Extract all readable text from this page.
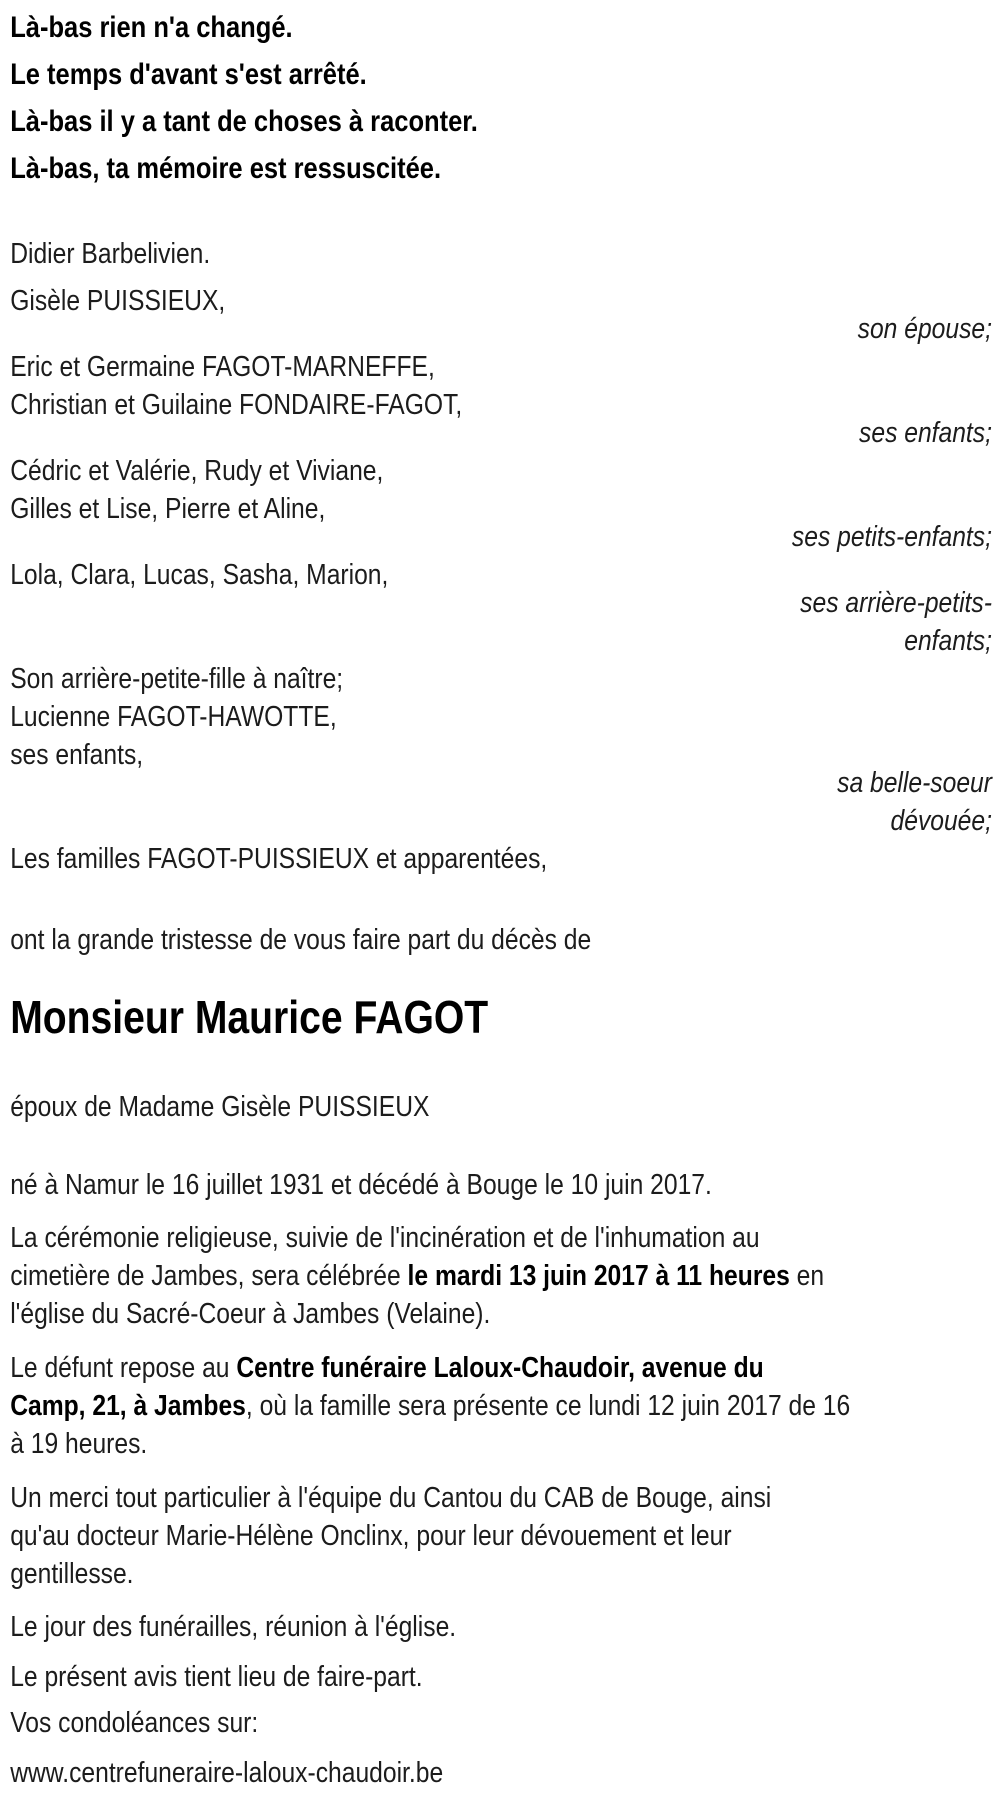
Là-bas rien n'a changé.

Le temps d'avant s'est arrêté.

Là-bas il y a tant de choses à raconter.

Là-bas, ta mémoire est ressuscitée.

Didier Barbelivien.

Gisèle PUISSIEUX,

son épouse;

Eric et Germaine FAGOT-MARNEFFE,

Christian et Guilaine FONDAIRE-FAGOT,

ses enfants;

Cédric et Valérie, Rudy et Viviane,

Gilles et Lise, Pierre et Aline,

ses petits-enfants;

Lola, Clara, Lucas, Sasha, Marion,

ses arrière-petits-
enfants;

Son arrière-petite-fille à naître;

Lucienne FAGOT-HAWOTTE,

ses enfants,

sa belle-soeur
dévouée;

Les familles FAGOT-PUISSIEUX et apparentées,

ont la grande tristesse de vous faire part du décès de

Monsieur Maurice FAGOT

époux de Madame Gisèle PUISSIEUX

né à Namur le 16 juillet 1931 et décédé à Bouge le 10 juin 2017.

La cérémonie religieuse, suivie de l'incinération et de l'inhumation au

cimetière de Jambes, sera célébrée le mardi 13 juin 2017 à 11 heures en

l'église du Sacré-Coeur à Jambes (Velaine).

Le défunt repose au Centre funéraire Laloux-Chaudoir, avenue du

Camp, 21, à Jambes, où la famille sera présente ce lundi 12 juin 2017 de 16

à 19 heures.

Un merci tout particulier à l'équipe du Cantou du CAB de Bouge, ainsi

qu'au docteur Marie-Hélène Onclinx, pour leur dévouement et leur

gentillesse.

Le jour des funérailles, réunion à l'église.

Le présent avis tient lieu de faire-part.

Vos condoléances sur:

www.centrefuneraire-laloux-chaudoir.be
